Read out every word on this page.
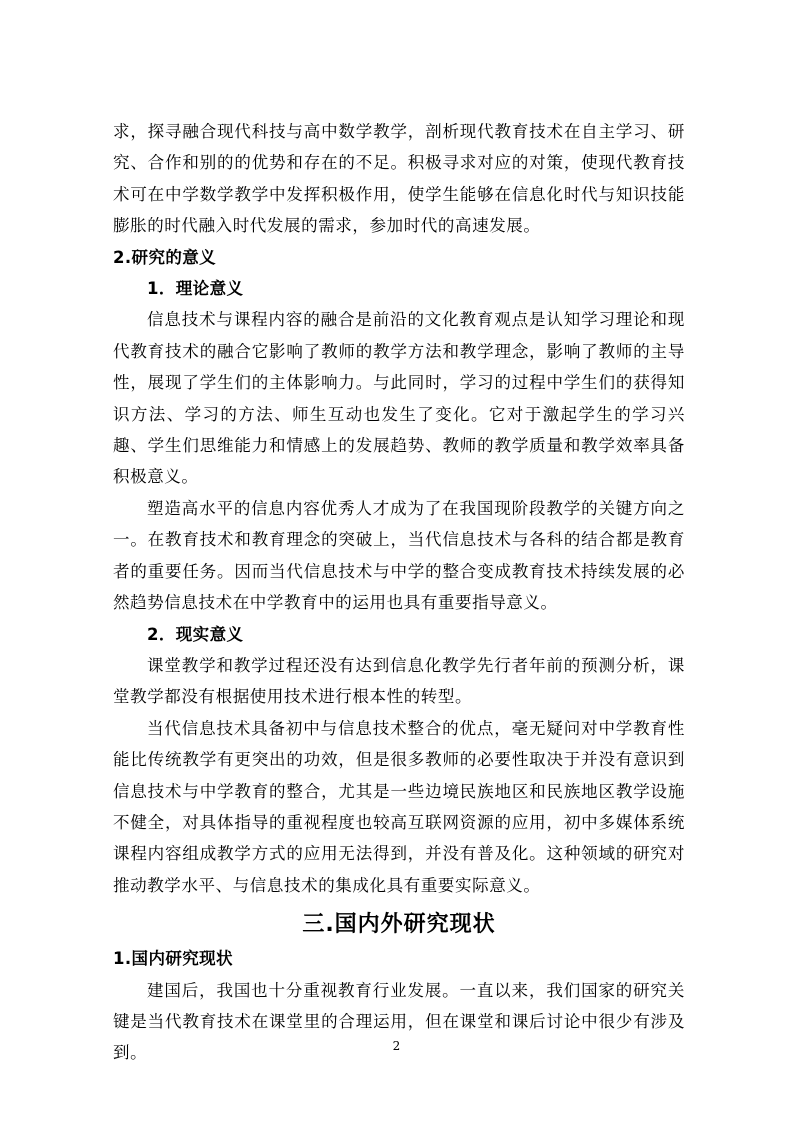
求，探寻融合现代科技与高中数学教学，剖析现代教育技术在自主学习、研究、合作和别的的优势和存在的不足。积极寻求对应的对策，使现代教育技术可在中学数学教学中发挥积极作用，使学生能够在信息化时代与知识技能膨胀的时代融入时代发展的需求，参加时代的高速发展。

2.研究的意义

1．理论意义

信息技术与课程内容的融合是前沿的文化教育观点是认知学习理论和现代教育技术的融合它影响了教师的教学方法和教学理念，影响了教师的主导性，展现了学生们的主体影响力。与此同时，学习的过程中学生们的获得知识方法、学习的方法、师生互动也发生了变化。它对于激起学生的学习兴趣、学生们思维能力和情感上的发展趋势、教师的教学质量和教学效率具备积极意义。

塑造高水平的信息内容优秀人才成为了在我国现阶段教学的关键方向之一。在教育技术和教育理念的突破上，当代信息技术与各科的结合都是教育者的重要任务。因而当代信息技术与中学的整合变成教育技术持续发展的必然趋势信息技术在中学教育中的运用也具有重要指导意义。

2．现实意义

课堂教学和教学过程还没有达到信息化教学先行者年前的预测分析，课堂教学都没有根据使用技术进行根本性的转型。

当代信息技术具备初中与信息技术整合的优点，毫无疑问对中学教育性能比传统教学有更突出的功效，但是很多教师的必要性取决于并没有意识到信息技术与中学教育的整合，尤其是一些边境民族地区和民族地区教学设施不健全，对具体指导的重视程度也较高互联网资源的应用，初中多媒体系统课程内容组成教学方式的应用无法得到，并没有普及化。这种领域的研究对推动教学水平、与信息技术的集成化具有重要实际意义。

三.国内外研究现状

1.国内研究现状

建国后，我国也十分重视教育行业发展。一直以来，我们国家的研究关键是当代教育技术在课堂里的合理运用，但在课堂和课后讨论中很少有涉及到。	2
